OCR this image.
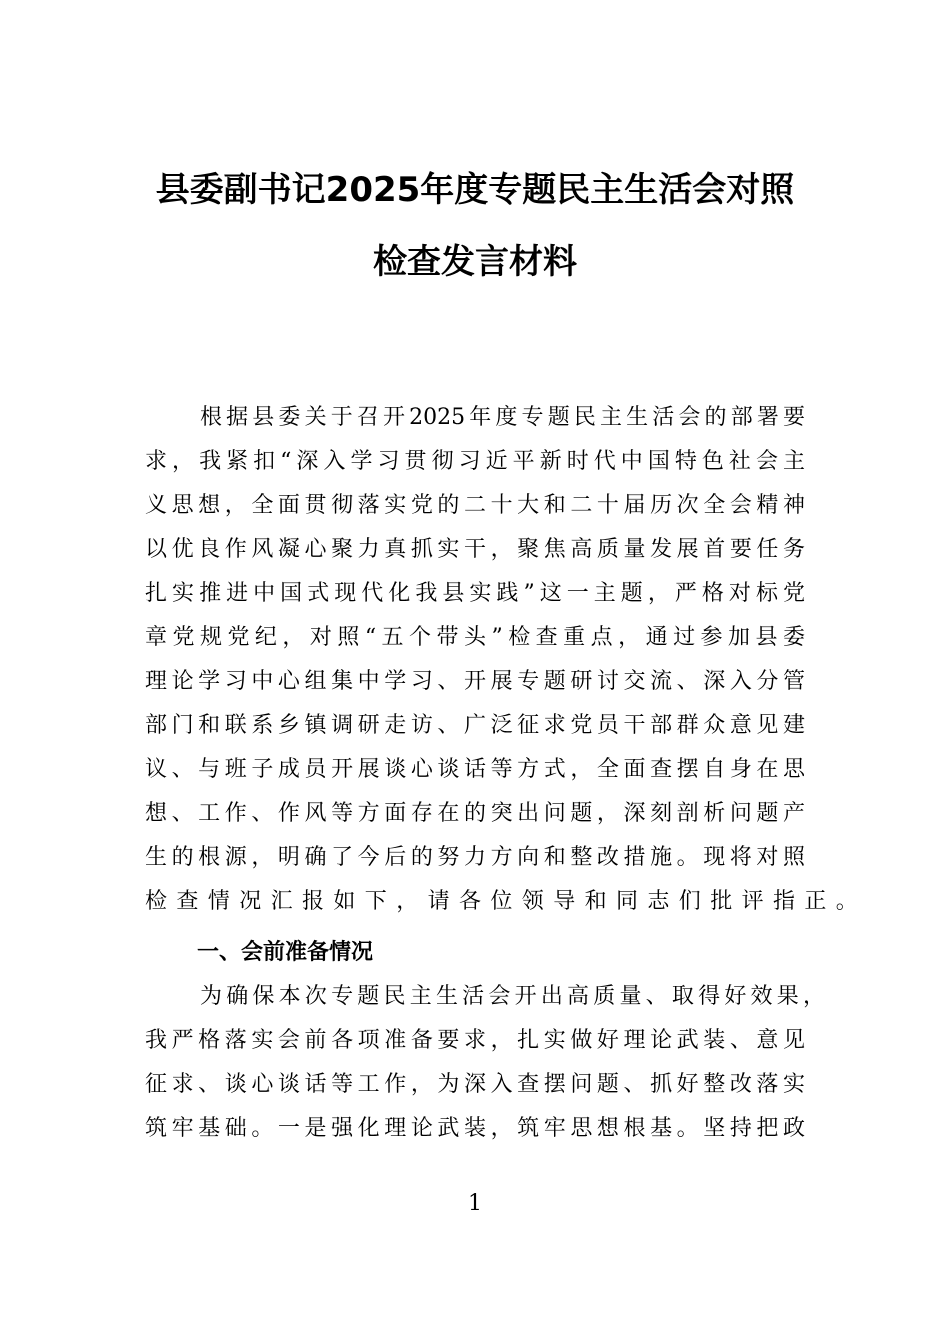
县委副书记2025年度专题民主生活会对照
检查发言材料
根据县委关于召开2025年度专题民主生活会的部署要
求，我紧扣“深入学习贯彻习近平新时代中国特色社会主
义思想，全面贯彻落实党的二十大和二十届历次全会精神
以优良作风凝心聚力真抓实干，聚焦高质量发展首要任务
扎实推进中国式现代化我县实践”这一主题，严格对标党
章党规党纪，对照“五个带头”检查重点，通过参加县委
理论学习中心组集中学习、开展专题研讨交流、深入分管
部门和联系乡镇调研走访、广泛征求党员干部群众意见建
议、与班子成员开展谈心谈话等方式，全面查摆自身在思
想、工作、作风等方面存在的突出问题，深刻剖析问题产
生的根源，明确了今后的努力方向和整改措施。现将对照
检查情况汇报如下，请各位领导和同志们批评指正。
一、会前准备情况
为确保本次专题民主生活会开出高质量、取得好效果，
我严格落实会前各项准备要求，扎实做好理论武装、意见
征求、谈心谈话等工作，为深入查摆问题、抓好整改落实
筑牢基础。一是强化理论武装，筑牢思想根基。坚持把政
1
